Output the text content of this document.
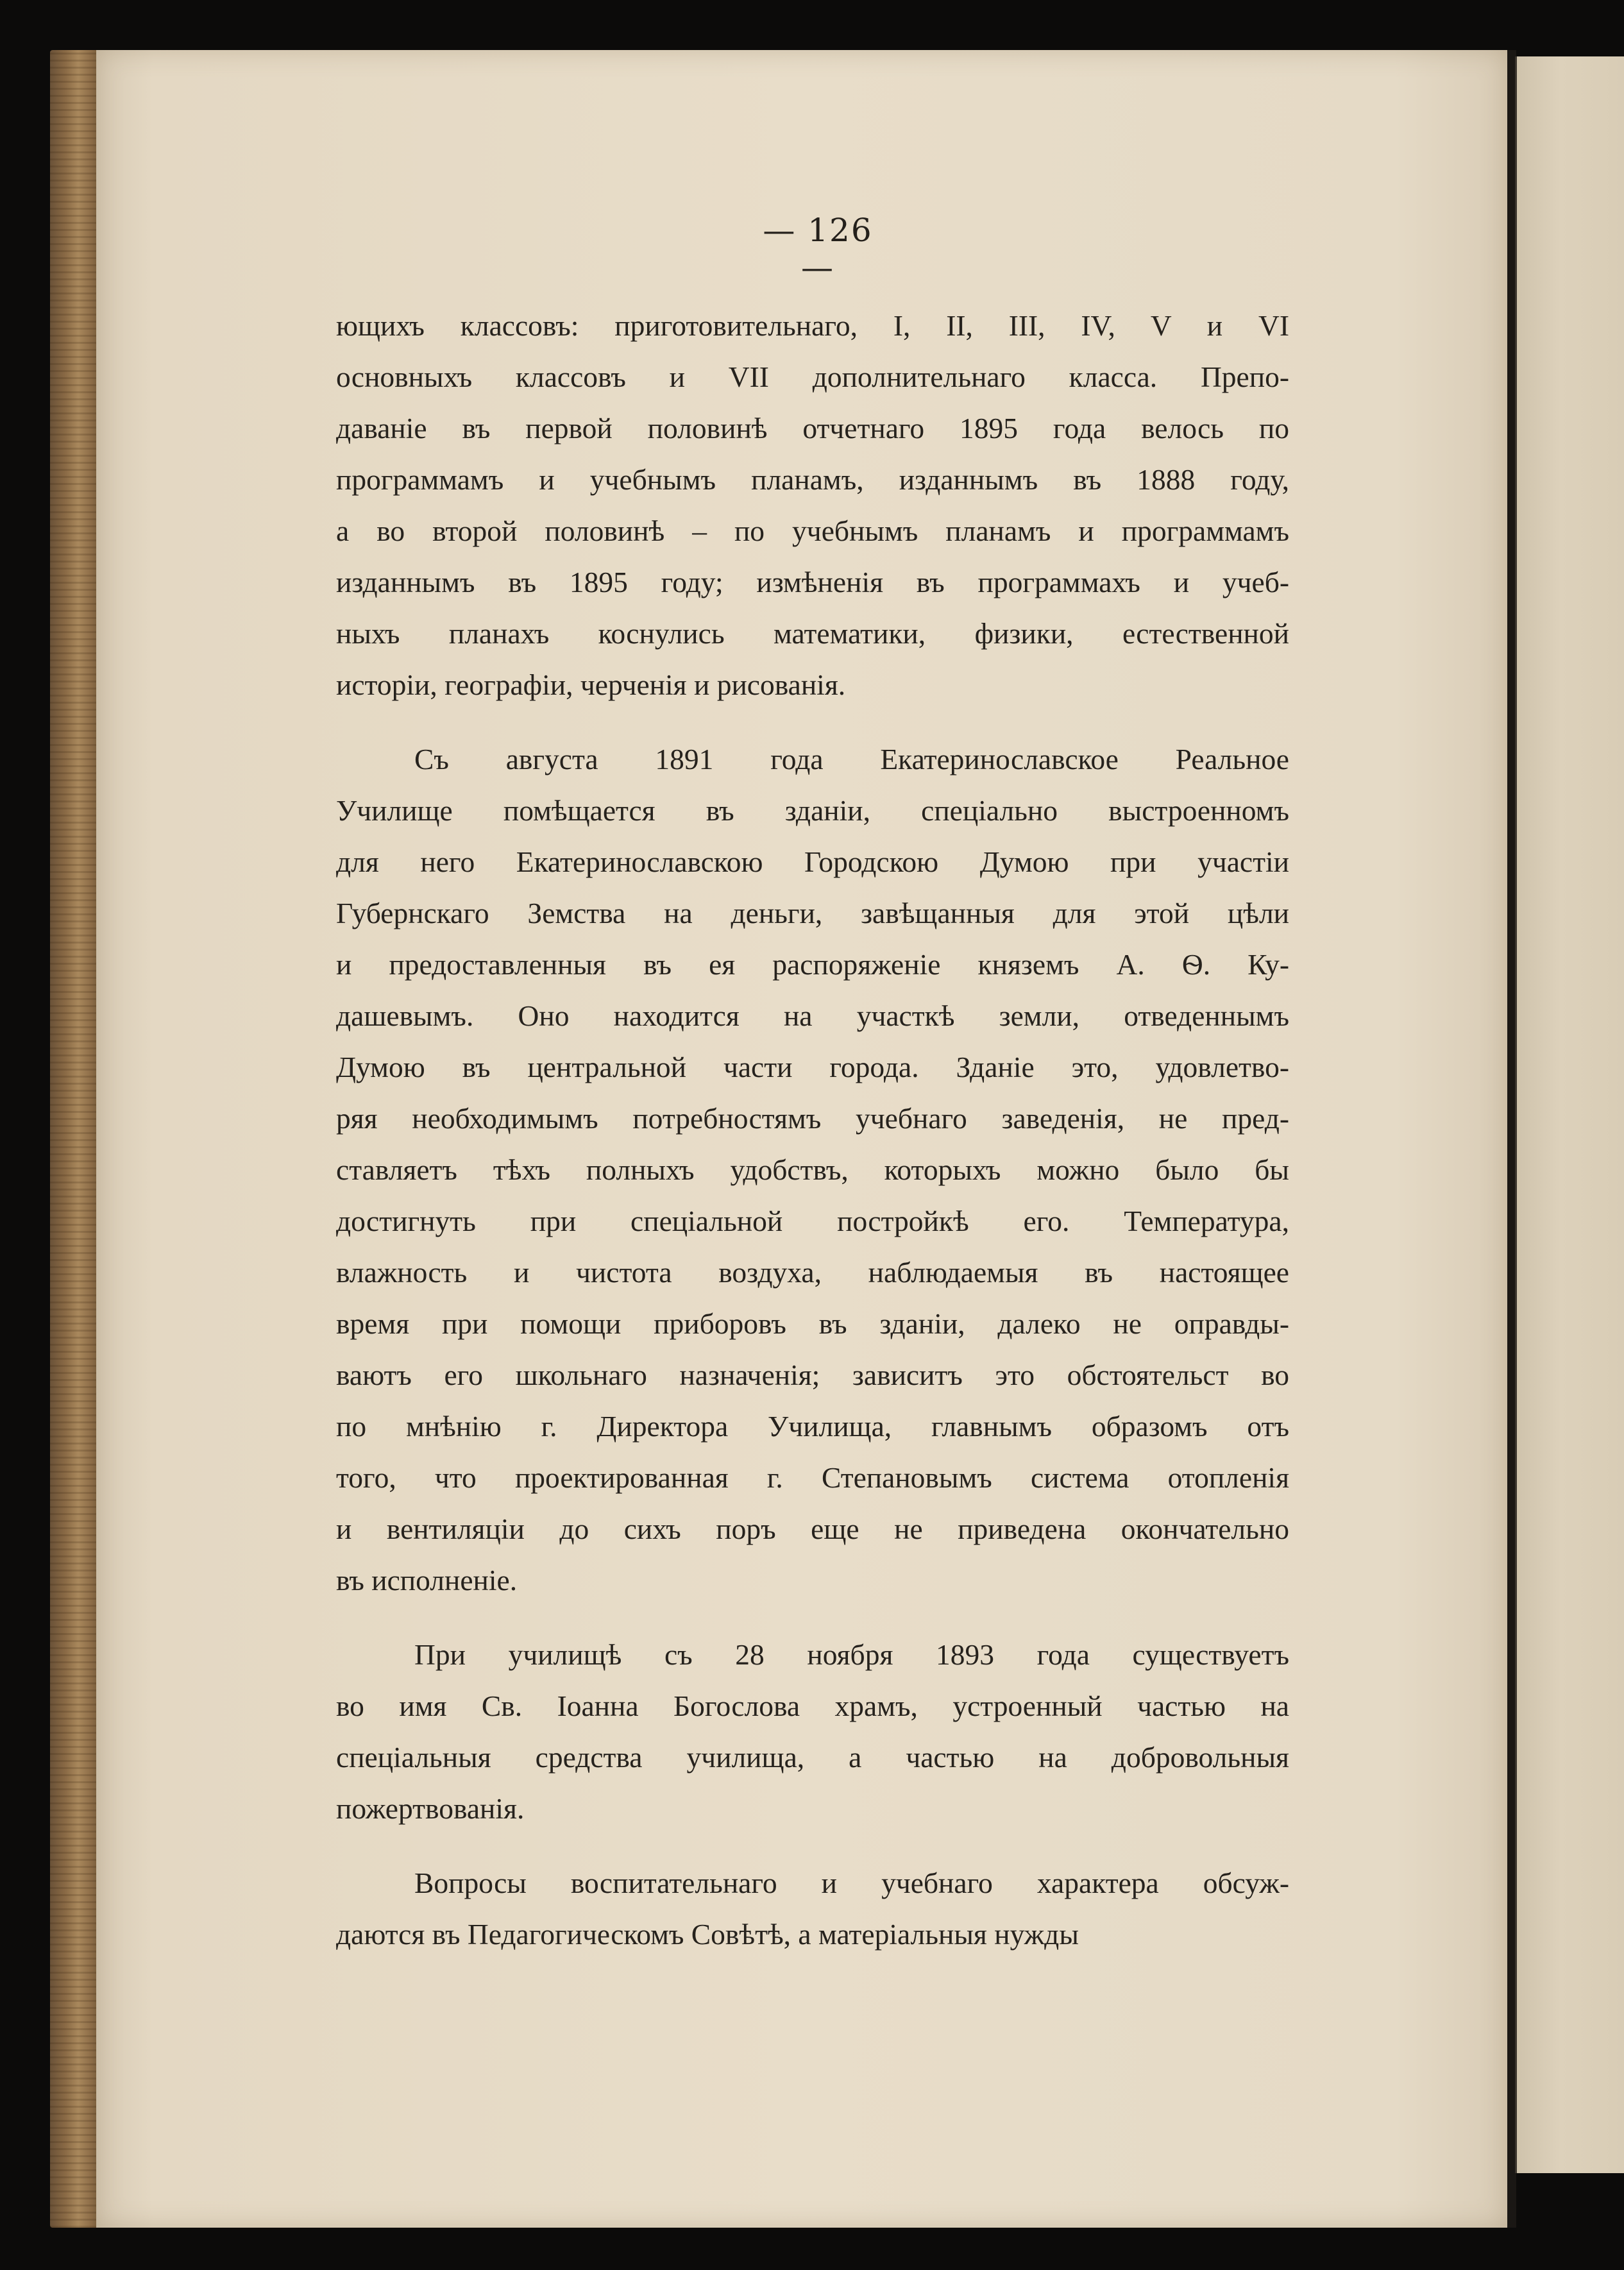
— 126 —

ющихъ классовъ: приготовительнаго, I, II, III, IV, V и VI
основныхъ классовъ и VII дополнительнаго класса. Препо-
даваніе въ первой половинѣ отчетнаго 1895 года велось по
программамъ и учебнымъ планамъ, изданнымъ въ 1888 году,
а во второй половинѣ – по учебнымъ планамъ и программамъ
изданнымъ въ 1895 году; измѣненія въ программахъ и учеб-
ныхъ планахъ коснулись математики, физики, естественной
исторіи, географіи, черченія и рисованія.

Съ августа 1891 года Екатеринославское Реальное
Училище помѣщается въ зданіи, спеціально выстроенномъ
для него Екатеринославскою Городскою Думою при участіи
Губернскаго Земства на деньги, завѣщанныя для этой цѣли
и предоставленныя въ ея распоряженіе княземъ А. Ѳ. Ку-
дашевымъ. Оно находится на участкѣ земли, отведеннымъ
Думою въ центральной части города. Зданіе это, удовлетво-
ряя необходимымъ потребностямъ учебнаго заведенія, не пред-
ставляетъ тѣхъ полныхъ удобствъ, которыхъ можно было бы
достигнуть при спеціальной постройкѣ его. Температура,
влажность и чистота воздуха, наблюдаемыя въ настоящее
время при помощи приборовъ въ зданіи, далеко не оправды-
ваютъ его школьнаго назначенія; зависитъ это обстоятельст во
по мнѣнію г. Директора Училища, главнымъ образомъ отъ
того, что проектированная г. Степановымъ система отопленія
и вентиляціи до сихъ поръ еще не приведена окончательно
въ исполненіе.

При училищѣ съ 28 ноября 1893 года существуетъ
во имя Св. Іоанна Богослова храмъ, устроенный частью на
спеціальныя средства училища, а частью на добровольныя
пожертвованія.

Вопросы воспитательнаго и учебнаго характера обсуж-
даются въ Педагогическомъ Совѣтѣ, а матеріальныя нужды
